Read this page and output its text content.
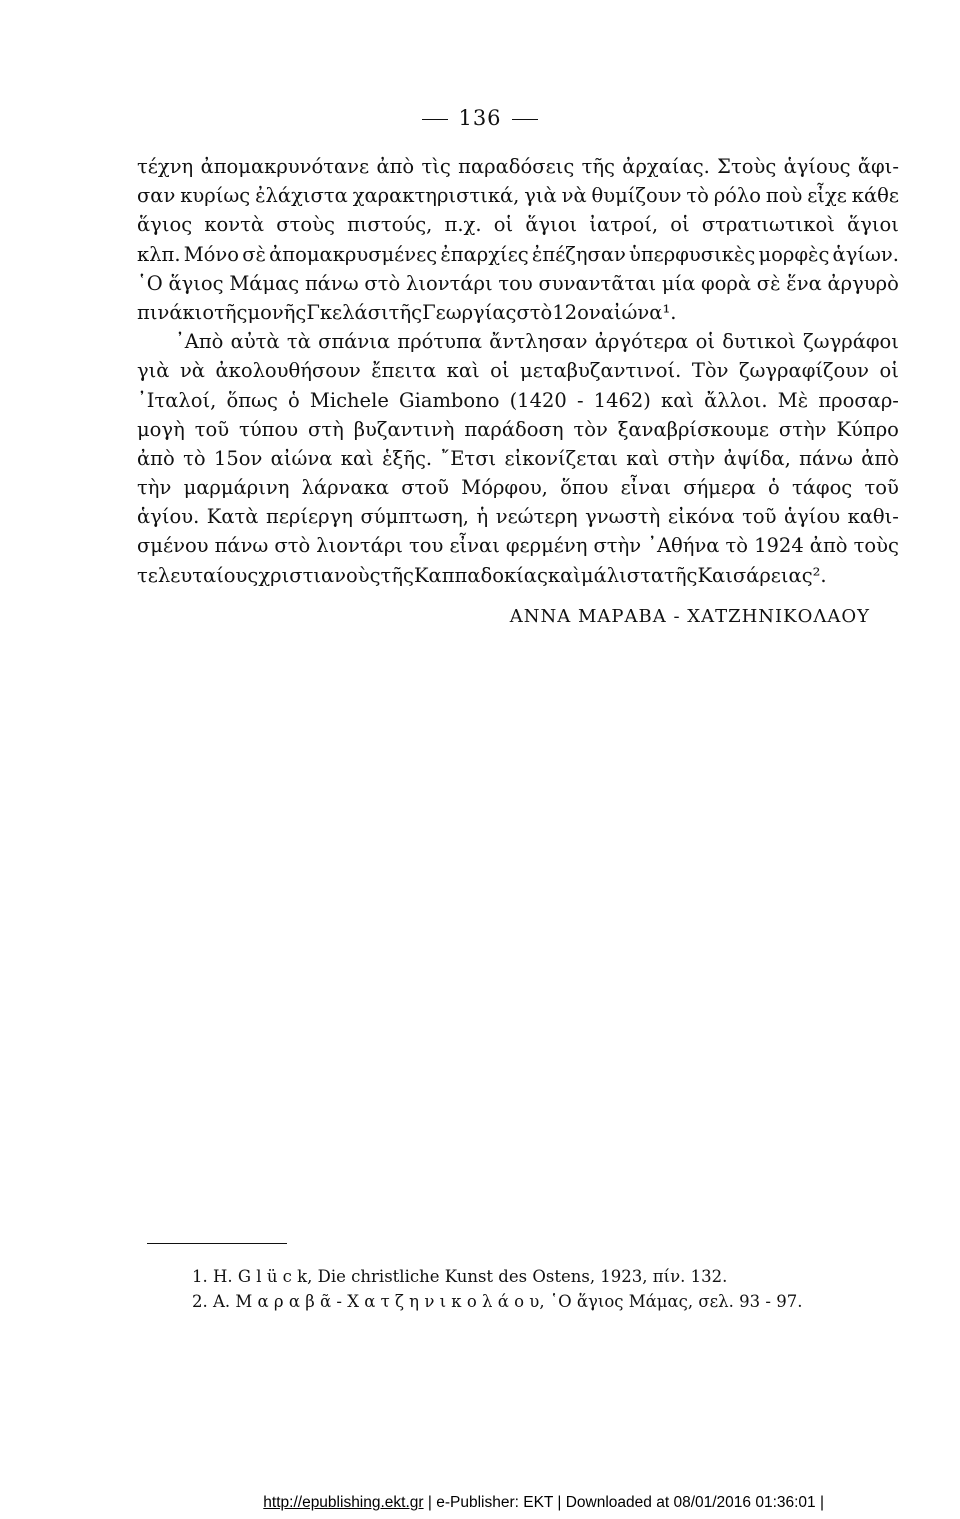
136
τέχνη ἀπομακρυνότανε ἀπὸ τὶς παραδόσεις τῆς ἀρχαίας. Στοὺς ἁγίους ἄφι-
σαν κυρίως ἐλάχιστα χαρακτηριστικά, γιὰ νὰ θυμίζουν τὸ ρόλο ποὺ εἶχε κάθε
ἅγιος κοντὰ στοὺς πιστούς, π.χ. οἱ ἅγιοι ἰατροί, οἱ στρατιωτικοὶ ἅγιοι
κλπ. Μόνο σὲ ἀπομακρυσμένες ἐπαρχίες ἐπέζησαν ὑπερφυσικὲς μορφὲς ἁγίων.
῾Ο ἅγιος Μάμας πάνω στὸ λιοντάρι του συναντᾶται μία φορὰ σὲ ἕνα ἀργυρὸ
πινάκιο τῆς μονῆς Γκελάσι τῆς Γεωργίας στὸ 12ον αἰώνα¹.
᾿Απὸ αὐτὰ τὰ σπάνια πρότυπα ἄντλησαν ἀργότερα οἱ δυτικοὶ ζωγράφοι
γιὰ νὰ ἀκολουθήσουν ἔπειτα καὶ οἱ μεταβυζαντινοί. Τὸν ζωγραφίζουν οἱ
᾿Ιταλοί, ὅπως ὁ Michele Giambono (1420 - 1462) καὶ ἄλλοι. Μὲ προσαρ-
μογὴ τοῦ τύπου στὴ βυζαντινὴ παράδοση τὸν ξαναβρίσκουμε στὴν Κύπρο
ἀπὸ τὸ 15ον αἰώνα καὶ ἑξῆς. ῎Ετσι εἰκονίζεται καὶ στὴν ἀψίδα, πάνω ἀπὸ
τὴν μαρμάρινη λάρνακα στοῦ Μόρφου, ὅπου εἶναι σήμερα ὁ τάφος τοῦ
ἁγίου. Κατὰ περίεργη σύμπτωση, ἡ νεώτερη γνωστὴ εἰκόνα τοῦ ἁγίου καθι-
σμένου πάνω στὸ λιοντάρι του εἶναι φερμένη στὴν ᾿Αθήνα τὸ 1924 ἀπὸ τοὺς
τελευταίους χριστιανοὺς τῆς Καππαδοκίας καὶ μάλιστα τῆς Καισάρειας².
ΑΝΝΑ ΜΑΡΑΒΑ - ΧΑΤΖΗΝΙΚΟΛΑΟΥ
1. H. G l ü c k, Die christliche Kunst des Ostens, 1923, πίν. 132.
2. Α. Μ α ρ α β ᾶ - Χ α τ ζ η ν ι κ ο λ ά ο υ, ῾Ο ἅγιος Μάμας, σελ. 93 - 97.
http://epublishing.ekt.gr | e-Publisher: EKT | Downloaded at 08/01/2016 01:36:01 |
